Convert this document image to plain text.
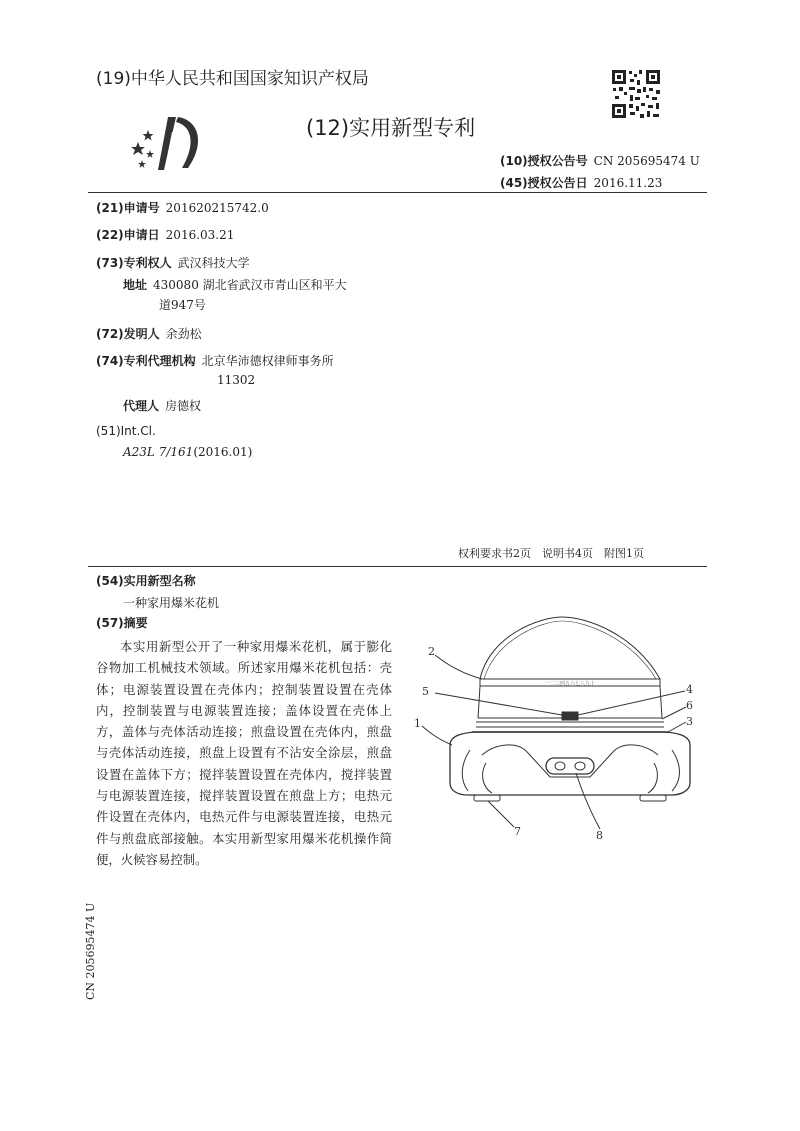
(19)中华人民共和国国家知识产权局
(12)实用新型专利
(10)授权公告号 CN 205695474 U
(45)授权公告日 2016.11.23
(21)申请号 201620215742.0
(22)申请日 2016.03.21
(73)专利权人 武汉科技大学
地址 430080 湖北省武汉市青山区和平大
道947号
(72)发明人 余劲松
(74)专利代理机构 北京华沛德权律师事务所
11302
代理人 房德权
(51)Int.Cl.
A23L 7/161(2016.01)
权利要求书2页　说明书4页　附图1页
(54)实用新型名称
一种家用爆米花机
(57)摘要
本实用新型公开了一种家用爆米花机，属于膨化谷物加工机械技术领域。所述家用爆米花机包括：壳体；电源装置设置在壳体内；控制装置设置在壳体内，控制装置与电源装置连接；盖体设置在壳体上方，盖体与壳体活动连接；煎盘设置在壳体内，煎盘与壳体活动连接，煎盘上设置有不沾安全涂层，煎盘设置在盖体下方；搅拌装置设置在壳体内，搅拌装置与电源装置连接，搅拌装置设置在煎盘上方；电热元件设置在壳体内，电热元件与电源装置连接，电热元件与煎盘底部接触。本实用新型家用爆米花机操作简便，火候容易控制。
一二三四五六七八九十
2
5	4
6
3
1
7	8
CN 205695474 U
